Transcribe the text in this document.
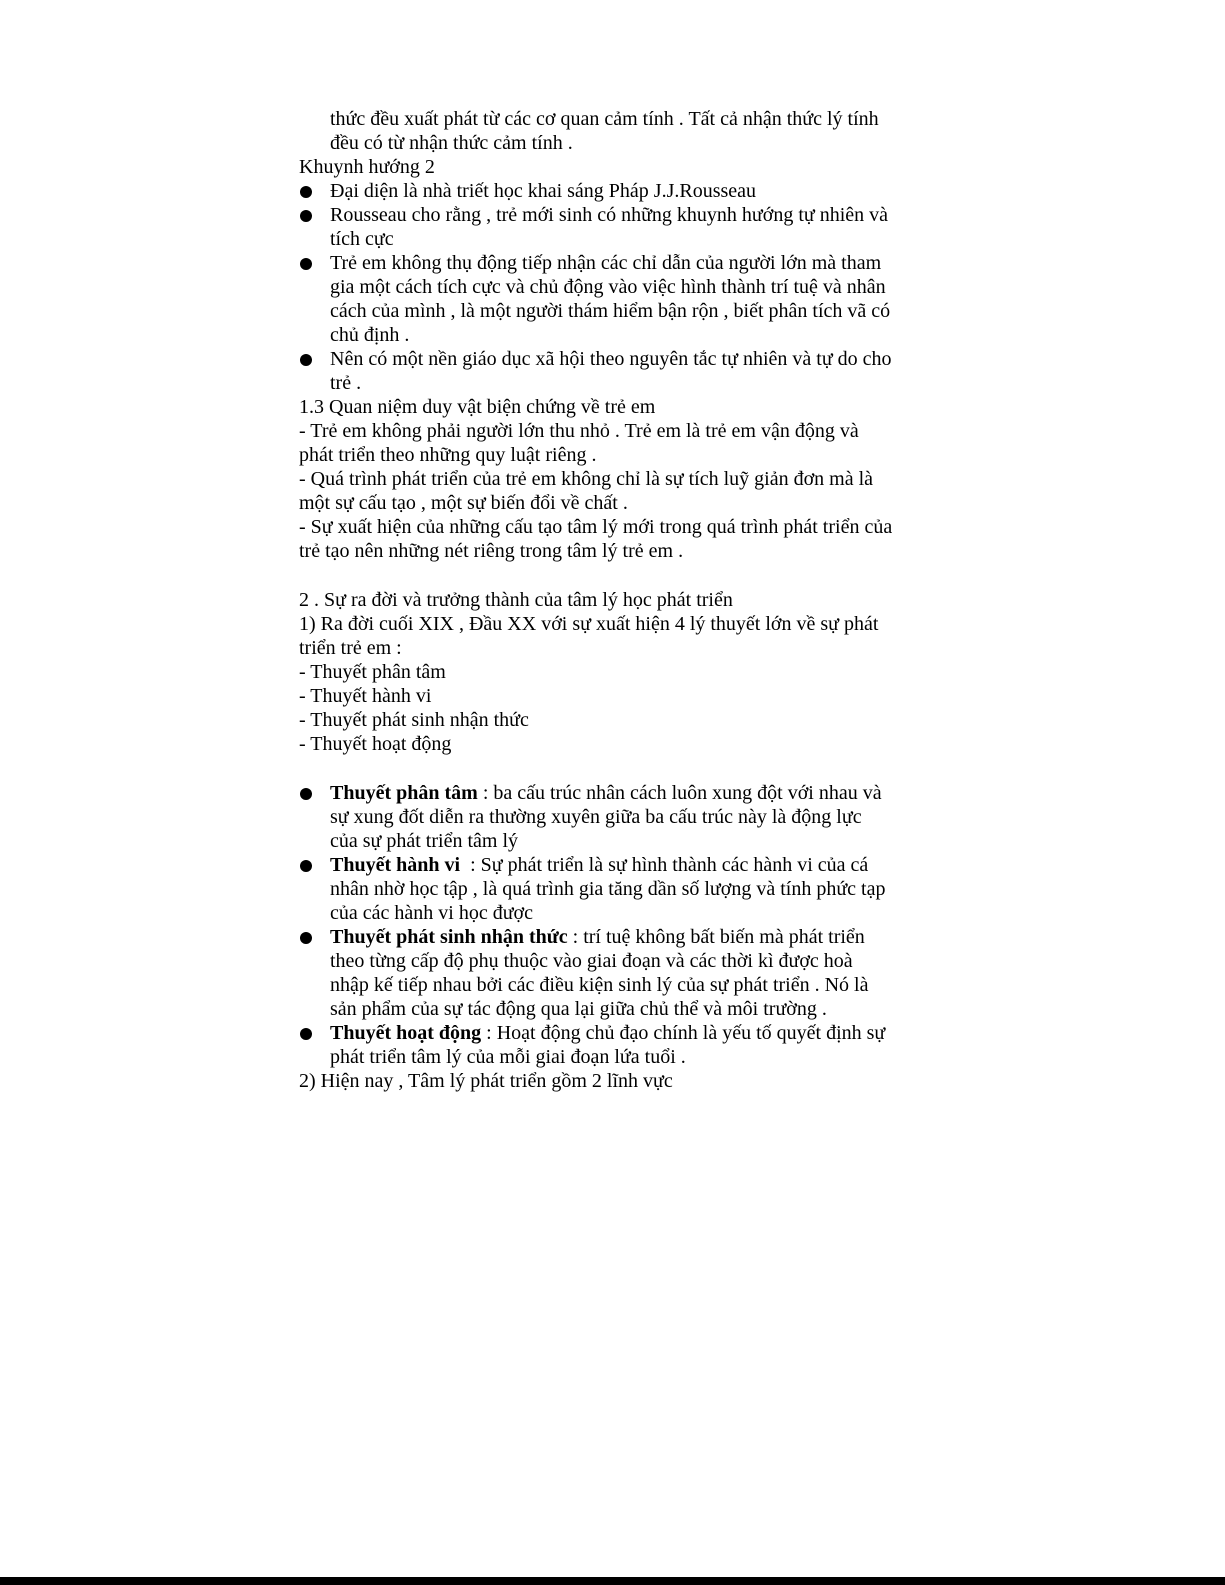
thức đều xuất phát từ các cơ quan cảm tính . Tất cả nhận thức lý tính
đều có từ nhận thức cảm tính .
Khuynh hướng 2
Đại diện là nhà triết học khai sáng Pháp J.J.Rousseau
Rousseau cho rằng , trẻ mới sinh có những khuynh hướng tự nhiên và
tích cực
Trẻ em không thụ động tiếp nhận các chỉ dẫn của người lớn mà tham
gia một cách tích cực và chủ động vào việc hình thành trí tuệ và nhân
cách của mình , là một người thám hiểm bận rộn , biết phân tích vã có
chủ định .
Nên có một nền giáo dục xã hội theo nguyên tắc tự nhiên và tự do cho
trẻ .
1.3 Quan niệm duy vật biện chứng về trẻ em
- Trẻ em không phải người lớn thu nhỏ . Trẻ em là trẻ em vận động và
phát triển theo những quy luật riêng .
- Quá trình phát triển của trẻ em không chỉ là sự tích luỹ giản đơn mà là
một sự cấu tạo , một sự biến đổi về chất .
- Sự xuất hiện của những cấu tạo tâm lý mới trong quá trình phát triển của
trẻ tạo nên những nét riêng trong tâm lý trẻ em .
2 . Sự ra đời và trưởng thành của tâm lý học phát triển
1) Ra đời cuối XIX , Đầu XX với sự xuất hiện 4 lý thuyết lớn về sự phát
triển trẻ em :
- Thuyết phân tâm
- Thuyết hành vi
- Thuyết phát sinh nhận thức
- Thuyết hoạt động
Thuyết phân tâm : ba cấu trúc nhân cách luôn xung đột với nhau và
sự xung đốt diễn ra thường xuyên giữa ba cấu trúc này là động lực
của sự phát triển tâm lý
Thuyết hành vi  : Sự phát triển là sự hình thành các hành vi của cá
nhân nhờ học tập , là quá trình gia tăng dần số lượng và tính phức tạp
của các hành vi học được
Thuyết phát sinh nhận thức : trí tuệ không bất biến mà phát triển
theo từng cấp độ phụ thuộc vào giai đoạn và các thời kì được hoà
nhập kế tiếp nhau bởi các điều kiện sinh lý của sự phát triển . Nó là
sản phẩm của sự tác động qua lại giữa chủ thể và môi trường .
Thuyết hoạt động : Hoạt động chủ đạo chính là yếu tố quyết định sự
phát triển tâm lý của mỗi giai đoạn lứa tuổi .
2) Hiện nay , Tâm lý phát triển gồm 2 lĩnh vực
